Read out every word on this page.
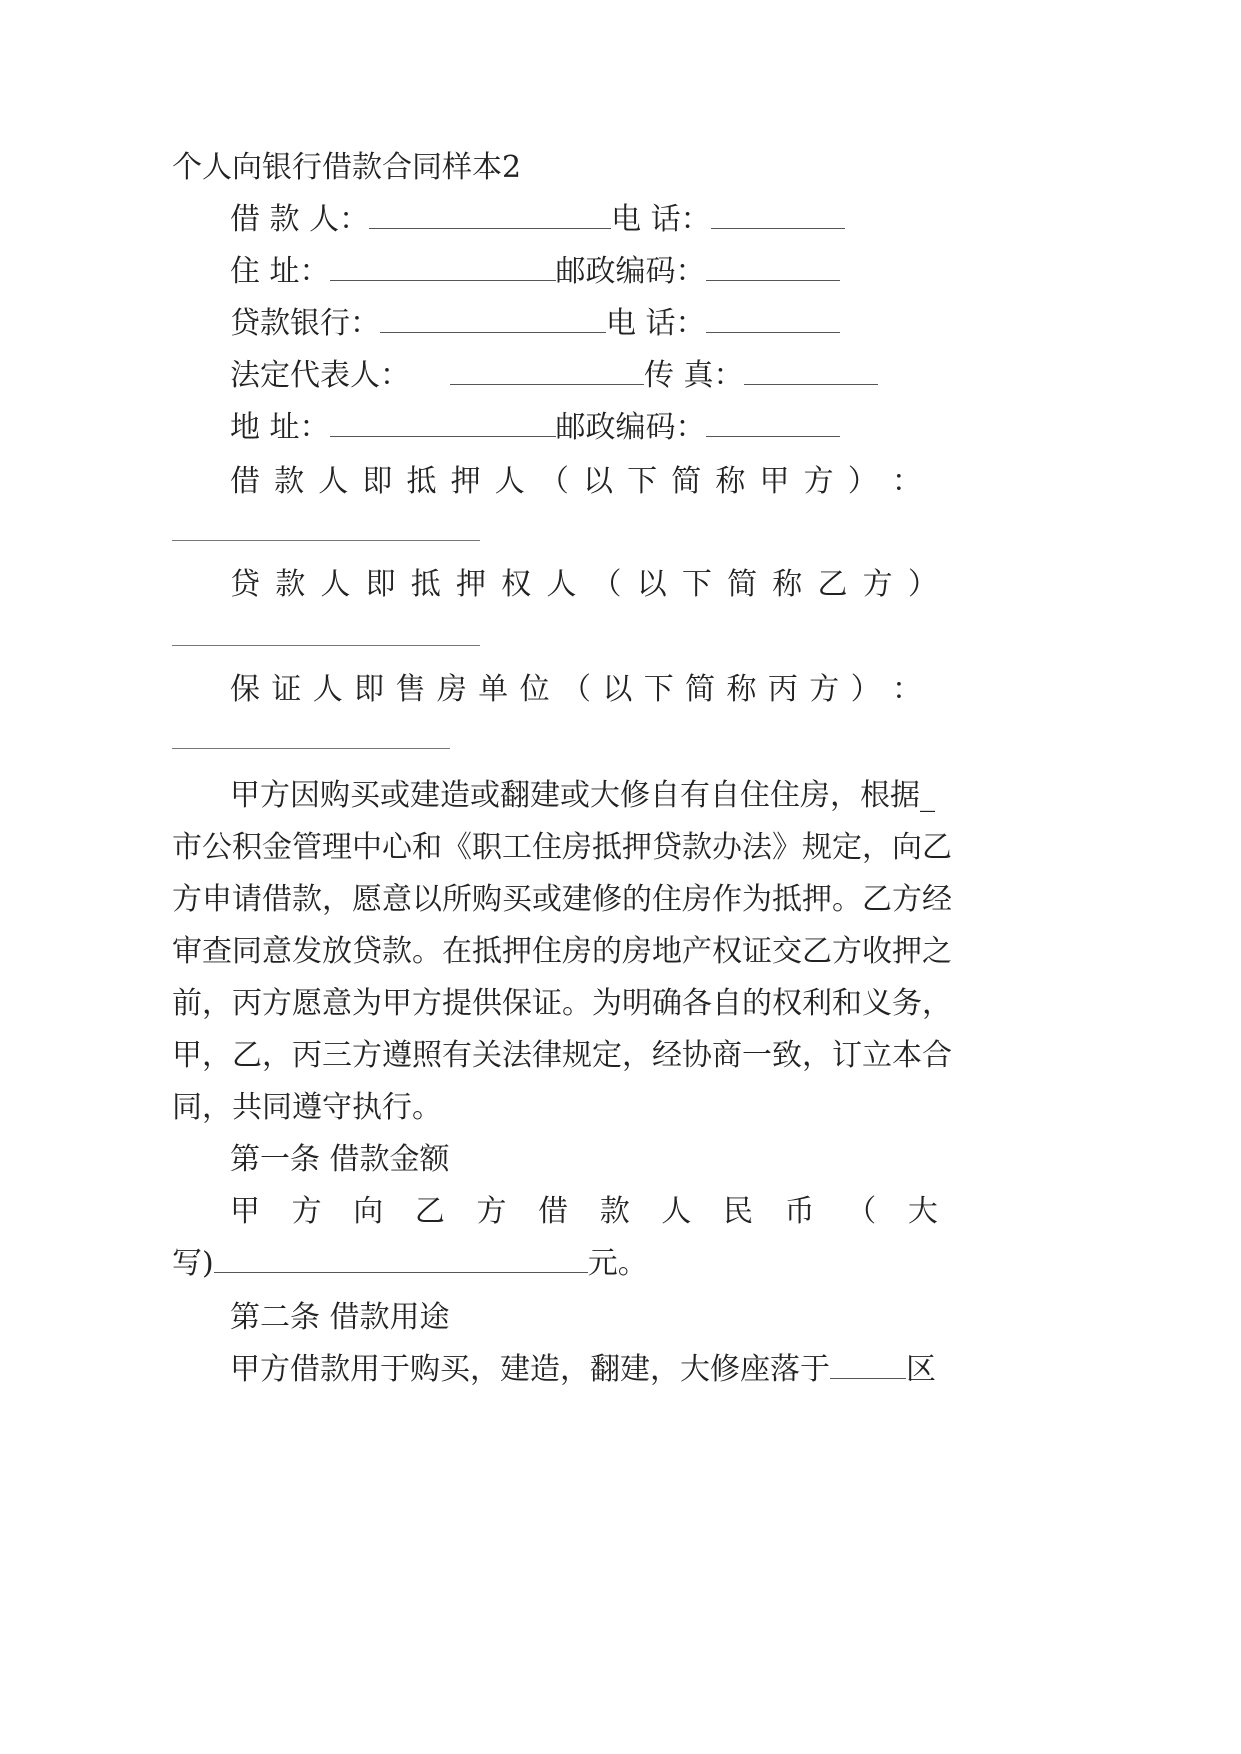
个人向银行借款合同样本2
借 款 人：	电 话：
住 址：	邮政编码：
贷款银行：	电 话：
法定代表人：	传 真：
地 址：	邮政编码：
借 款 人 即 抵 押 人 （ 以 下 简 称 甲 方 ） ：
贷 款 人 即 抵 押 权 人 （ 以 下 简 称 乙 方 ）
保 证 人 即 售 房 单 位 （ 以 下 简 称 丙 方 ） ：
甲方因购买或建造或翻建或大修自有自住住房，根据_
市公积金管理中心和《职工住房抵押贷款办法》规定，向乙
方申请借款，愿意以所购买或建修的住房作为抵押。乙方经
审查同意发放贷款。在抵押住房的房地产权证交乙方收押之
前，丙方愿意为甲方提供保证。为明确各自的权利和义务，
甲，乙，丙三方遵照有关法律规定，经协商一致，订立本合
同，共同遵守执行。
第一条 借款金额
甲 方 向 乙 方 借 款 人 民 币 （ 大
写)	元。
第二条 借款用途
甲方借款用于购买，建造，翻建，大修座落于	区
